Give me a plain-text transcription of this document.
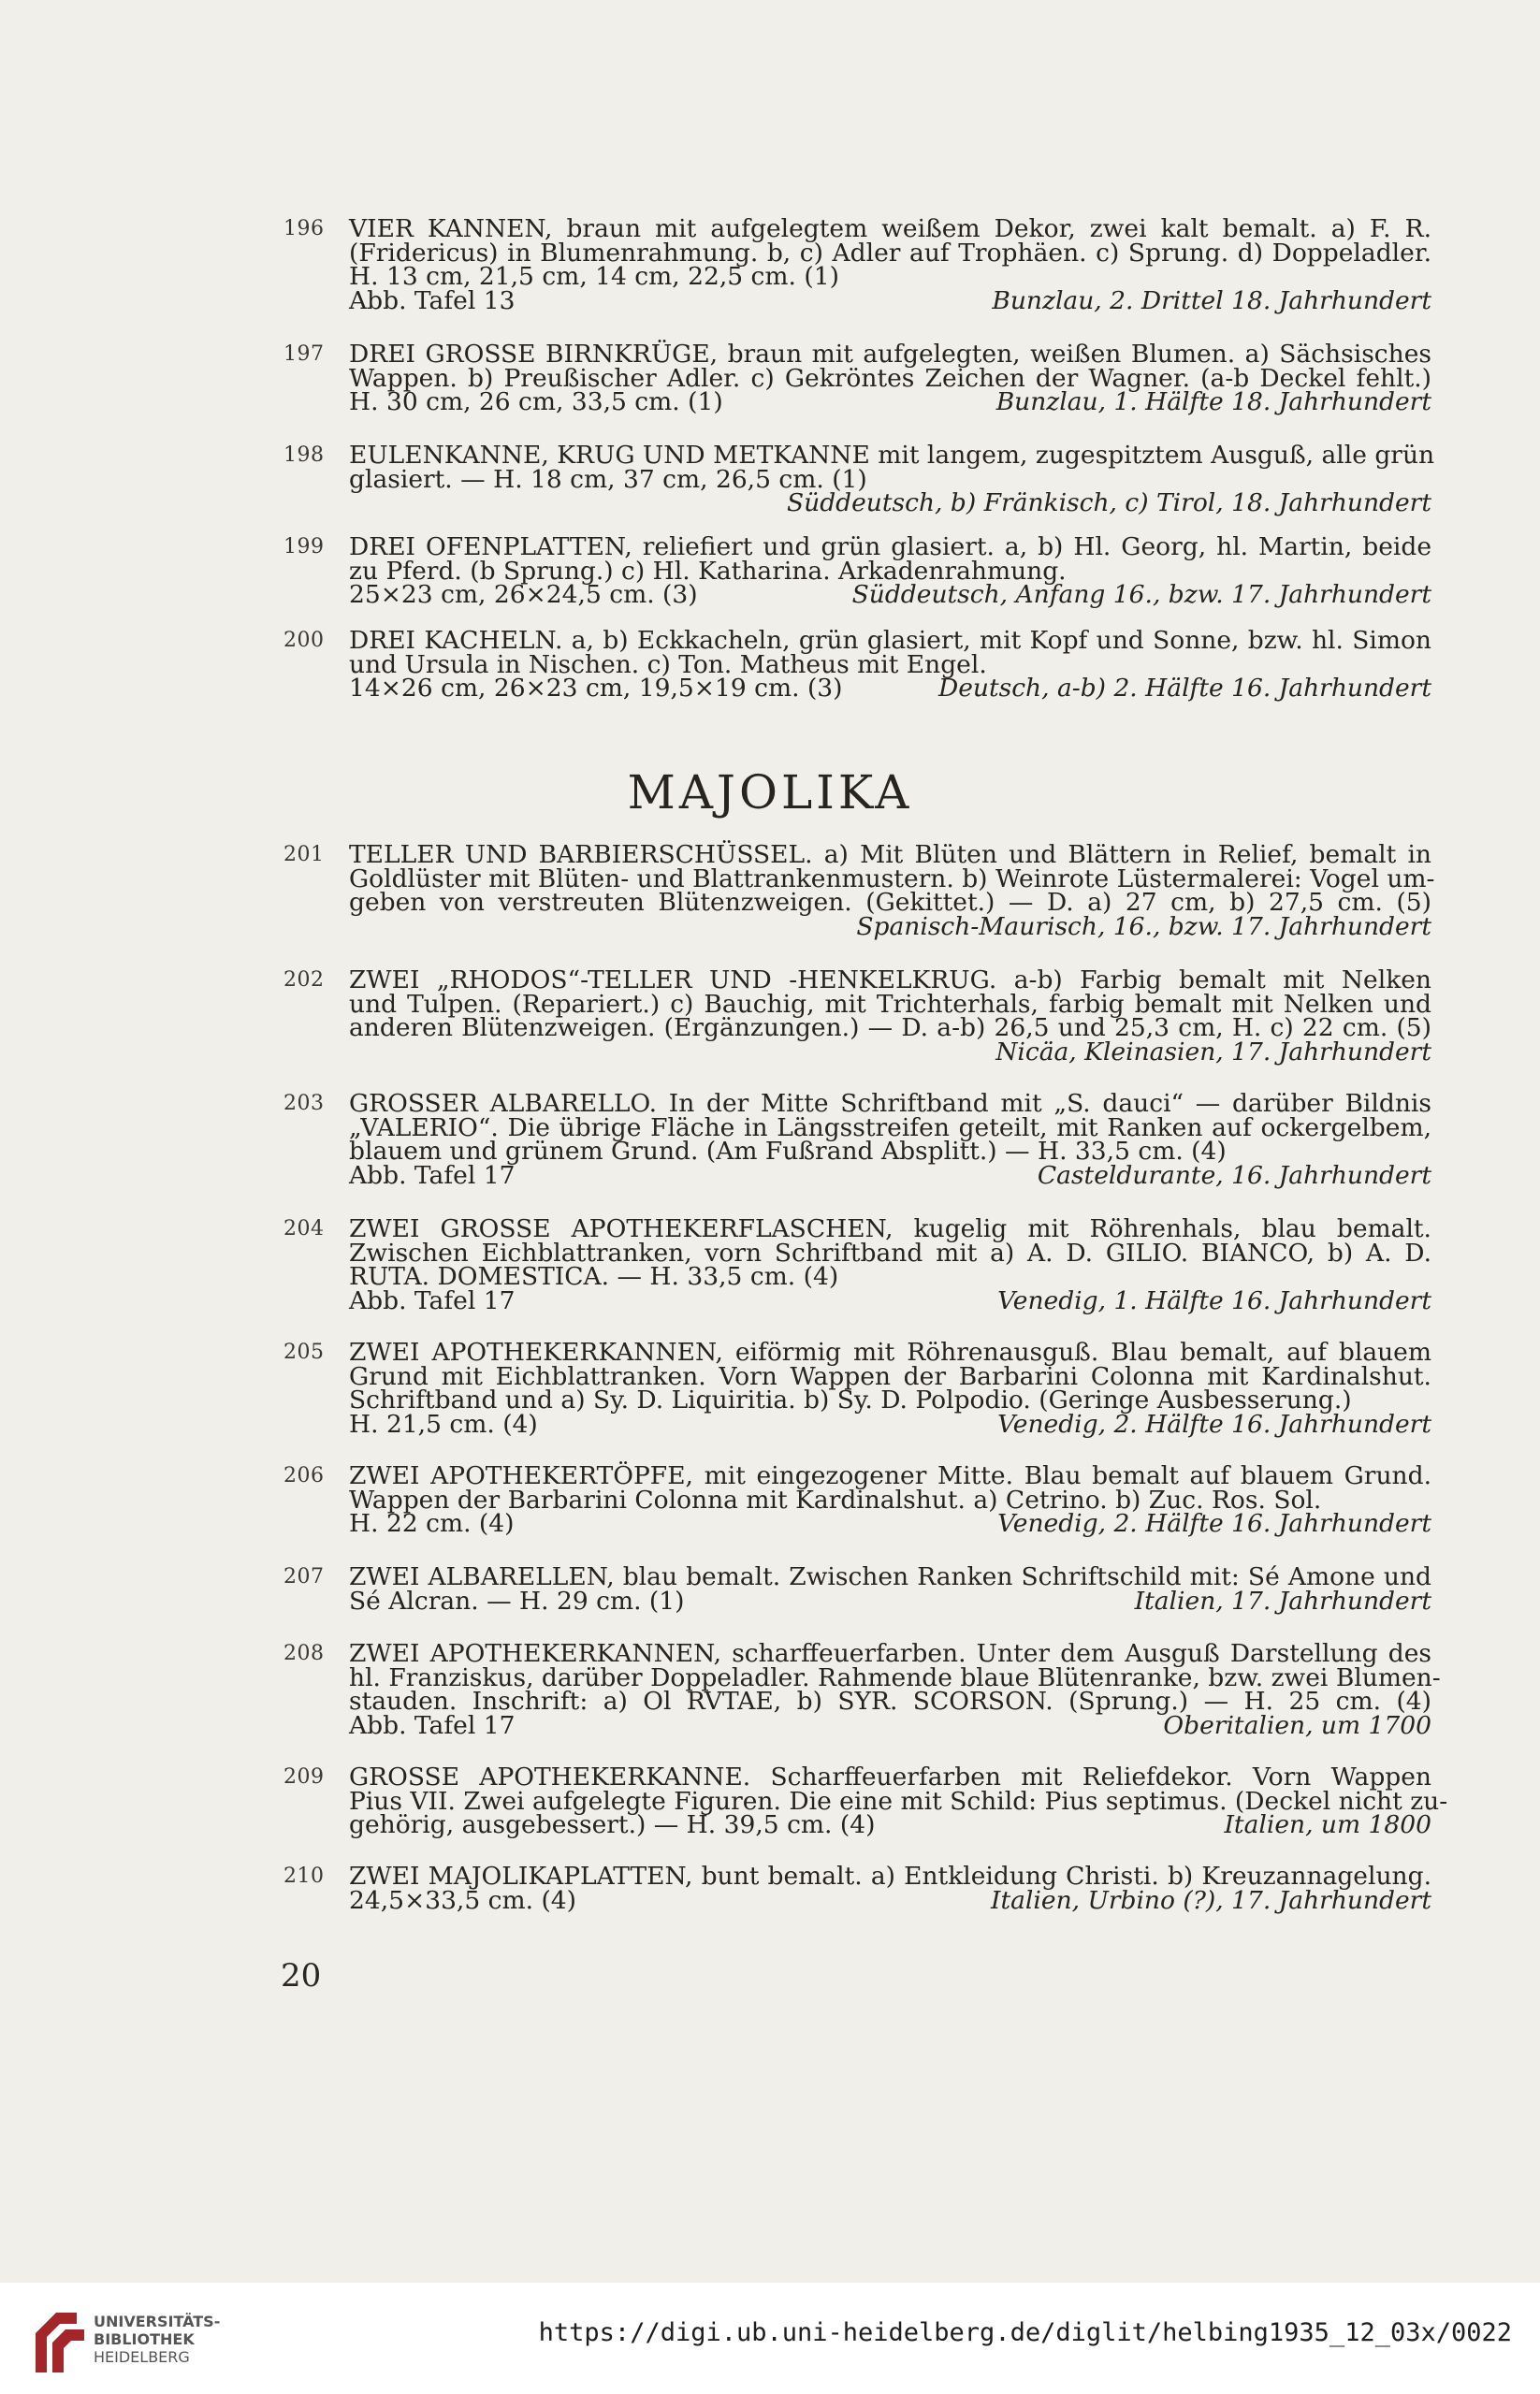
196 VIER KANNEN, braun mit aufgelegtem weißem Dekor, zwei kalt bemalt. a) F. R.
(Fridericus) in Blumenrahmung. b, c) Adler auf Trophäen. c) Sprung. d) Doppeladler.
H. 13 cm, 21,5 cm, 14 cm, 22,5 cm. (1)
Abb. Tafel 13	Bunzlau, 2. Drittel 18. Jahrhundert
197 DREI GROSSE BIRNKRÜGE, braun mit aufgelegten, weißen Blumen. a) Sächsisches
Wappen. b) Preußischer Adler. c) Gekröntes Zeichen der Wagner. (a-b Deckel fehlt.)
H. 30 cm, 26 cm, 33,5 cm. (1)	Bunzlau, 1. Hälfte 18. Jahrhundert
198 EULENKANNE, KRUG UND METKANNE mit langem, zugespitztem Ausguß, alle grün
glasiert. — H. 18 cm, 37 cm, 26,5 cm. (1)
Süddeutsch, b) Fränkisch, c) Tirol, 18. Jahrhundert
199 DREI OFENPLATTEN, reliefiert und grün glasiert. a, b) Hl. Georg, hl. Martin, beide
zu Pferd. (b Sprung.) c) Hl. Katharina. Arkadenrahmung.
25×23 cm, 26×24,5 cm. (3)	Süddeutsch, Anfang 16., bzw. 17. Jahrhundert
200 DREI KACHELN. a, b) Eckkacheln, grün glasiert, mit Kopf und Sonne, bzw. hl. Simon
und Ursula in Nischen. c) Ton. Matheus mit Engel.
14×26 cm, 26×23 cm, 19,5×19 cm. (3)	Deutsch, a-b) 2. Hälfte 16. Jahrhundert
MAJOLIKA
201 TELLER UND BARBIERSCHÜSSEL. a) Mit Blüten und Blättern in Relief, bemalt in
Goldlüster mit Blüten- und Blattrankenmustern. b) Weinrote Lüstermalerei: Vogel um-
geben von verstreuten Blütenzweigen. (Gekittet.) — D. a) 27 cm, b) 27,5 cm. (5)
Spanisch-Maurisch, 16., bzw. 17. Jahrhundert
202 ZWEI „RHODOS“-TELLER UND -HENKELKRUG. a-b) Farbig bemalt mit Nelken
und Tulpen. (Repariert.) c) Bauchig, mit Trichterhals, farbig bemalt mit Nelken und
anderen Blütenzweigen. (Ergänzungen.) — D. a-b) 26,5 und 25,3 cm, H. c) 22 cm. (5)
Nicäa, Kleinasien, 17. Jahrhundert
203 GROSSER ALBARELLO. In der Mitte Schriftband mit „S. dauci“ — darüber Bildnis
„VALERIO“. Die übrige Fläche in Längsstreifen geteilt, mit Ranken auf ockergelbem,
blauem und grünem Grund. (Am Fußrand Absplitt.) — H. 33,5 cm. (4)
Abb. Tafel 17	Casteldurante, 16. Jahrhundert
204 ZWEI GROSSE APOTHEKERFLASCHEN, kugelig mit Röhrenhals, blau bemalt.
Zwischen Eichblattranken, vorn Schriftband mit a) A. D. GILIO. BIANCO, b) A. D.
RUTA. DOMESTICA. — H. 33,5 cm. (4)
Abb. Tafel 17	Venedig, 1. Hälfte 16. Jahrhundert
205 ZWEI APOTHEKERKANNEN, eiförmig mit Röhrenausguß. Blau bemalt, auf blauem
Grund mit Eichblattranken. Vorn Wappen der Barbarini Colonna mit Kardinalshut.
Schriftband und a) Sy. D. Liquiritia. b) Sy. D. Polpodio. (Geringe Ausbesserung.)
H. 21,5 cm. (4)	Venedig, 2. Hälfte 16. Jahrhundert
206 ZWEI APOTHEKERTÖPFE, mit eingezogener Mitte. Blau bemalt auf blauem Grund.
Wappen der Barbarini Colonna mit Kardinalshut. a) Cetrino. b) Zuc. Ros. Sol.
H. 22 cm. (4)	Venedig, 2. Hälfte 16. Jahrhundert
207 ZWEI ALBARELLEN, blau bemalt. Zwischen Ranken Schriftschild mit: Sé Amone und
Sé Alcran. — H. 29 cm. (1)	Italien, 17. Jahrhundert
208 ZWEI APOTHEKERKANNEN, scharffeuerfarben. Unter dem Ausguß Darstellung des
hl. Franziskus, darüber Doppeladler. Rahmende blaue Blütenranke, bzw. zwei Blumen-
stauden. Inschrift: a) Ol RVTAE, b) SYR. SCORSON. (Sprung.) — H. 25 cm. (4)
Abb. Tafel 17	Oberitalien, um 1700
209 GROSSE APOTHEKERKANNE. Scharffeuerfarben mit Reliefdekor. Vorn Wappen
Pius VII. Zwei aufgelegte Figuren. Die eine mit Schild: Pius septimus. (Deckel nicht zu-
gehörig, ausgebessert.) — H. 39,5 cm. (4)	Italien, um 1800
210 ZWEI MAJOLIKAPLATTEN, bunt bemalt. a) Entkleidung Christi. b) Kreuzannagelung.
24,5×33,5 cm. (4)	Italien, Urbino (?), 17. Jahrhundert
20
UNIVERSITÄTS-
BIBLIOTHEK
HEIDELBERG
https://digi.ub.uni-heidelberg.de/diglit/helbing1935_12_03x/0022
